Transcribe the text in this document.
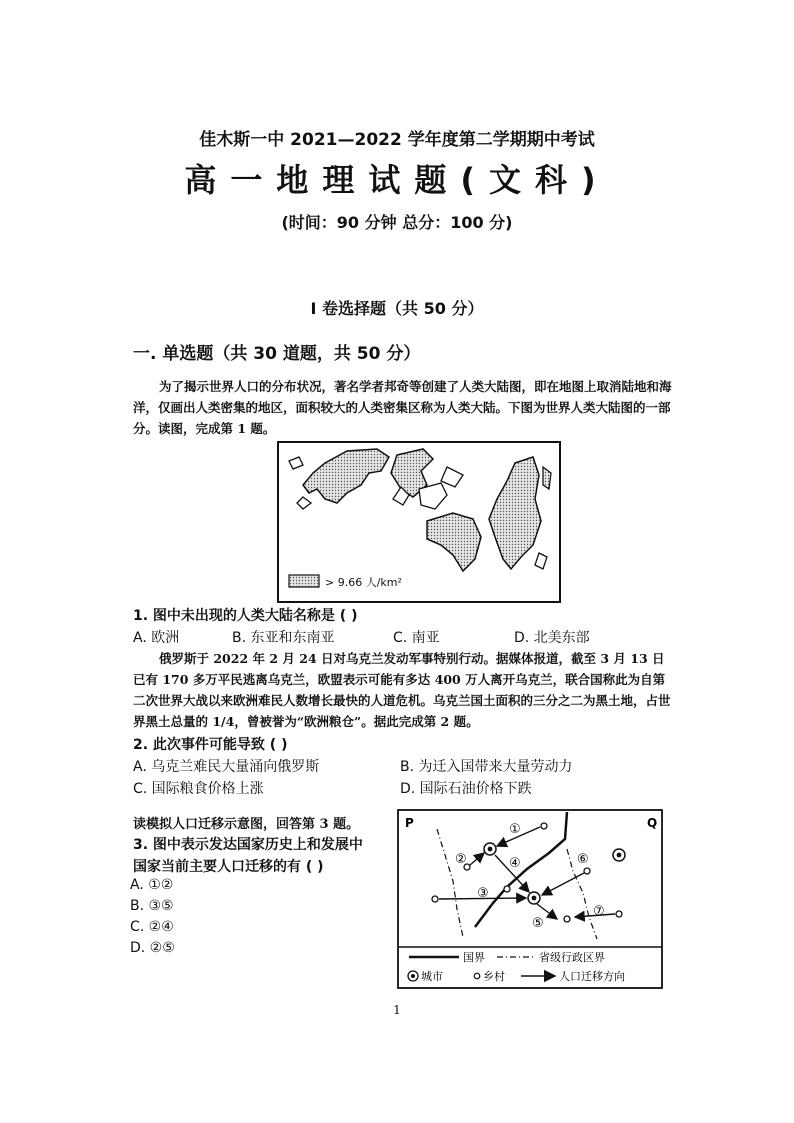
佳木斯一中 2021—2022 学年度第二学期期中考试
高一地理试题(文科)
(时间：90 分钟 总分：100 分)
I 卷选择题（共 50 分）
一. 单选题（共 30 道题，共 50 分）
为了揭示世界人口的分布状况，著名学者邦奇等创建了人类大陆图，即在地图上取消陆地和海洋，仅画出人类密集的地区，面积较大的人类密集区称为人类大陆。下图为世界人类大陆图的一部分。读图，完成第 1 题。
> 9.66 人/km²
1. 图中未出现的人类大陆名称是 ( )
A. 欧洲	B. 东亚和东南亚	C. 南亚	D. 北美东部
俄罗斯于 2022 年 2 月 24 日对乌克兰发动军事特别行动。据媒体报道，截至 3 月 13 日已有 170 多万平民逃离乌克兰，欧盟表示可能有多达 400 万人离开乌克兰，联合国称此为自第二次世界大战以来欧洲难民人数增长最快的人道危机。乌克兰国土面积的三分之二为黑土地，占世界黑土总量的 1/4，曾被誉为“欧洲粮仓”。据此完成第 2 题。
2. 此次事件可能导致 ( )
A. 乌克兰难民大量涌向俄罗斯	B. 为迁入国带来大量劳动力
C. 国际粮食价格上涨	D. 国际石油价格下跌
读模拟人口迁移示意图，回答第 3 题。
3. 图中表示发达国家历史上和发展中
国家当前主要人口迁移的有 ( )
A. ①②
B. ③⑤
C. ②④
D. ②⑤
P	Q
①
②
③
④
⑤
⑥
⑦
国界	省级行政区界
城市	乡村	人口迁移方向
1
